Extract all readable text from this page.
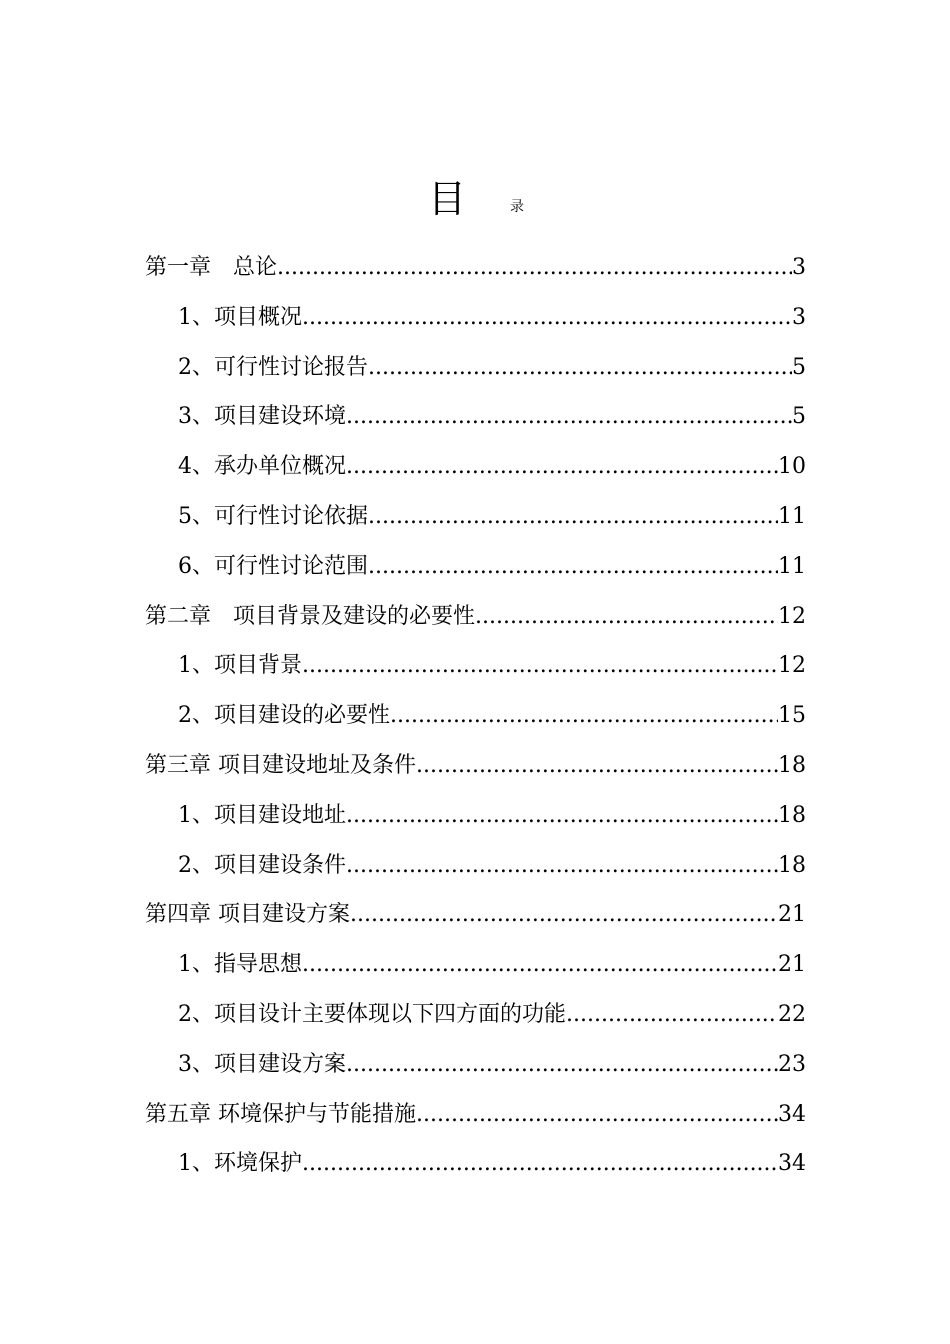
目	录
第一章　总论 .....	3
1、项目概况 .....	3
2、可行性讨论报告 .....	5
3、项目建设环境 .....	5
4、承办单位概况 .....	10
5、可行性讨论依据 .....	11
6、可行性讨论范围 .....	11
第二章　项目背景及建设的必要性 .....	12
1、项目背景 .....	12
2、项目建设的必要性 .....	15
第三章 项目建设地址及条件 .....	18
1、项目建设地址 .....	18
2、项目建设条件 .....	18
第四章 项目建设方案 .....	21
1、指导思想 .....	21
2、项目设计主要体现以下四方面的功能 .....	22
3、项目建设方案 .....	23
第五章 环境保护与节能措施 .....	34
1、环境保护 .....	34
